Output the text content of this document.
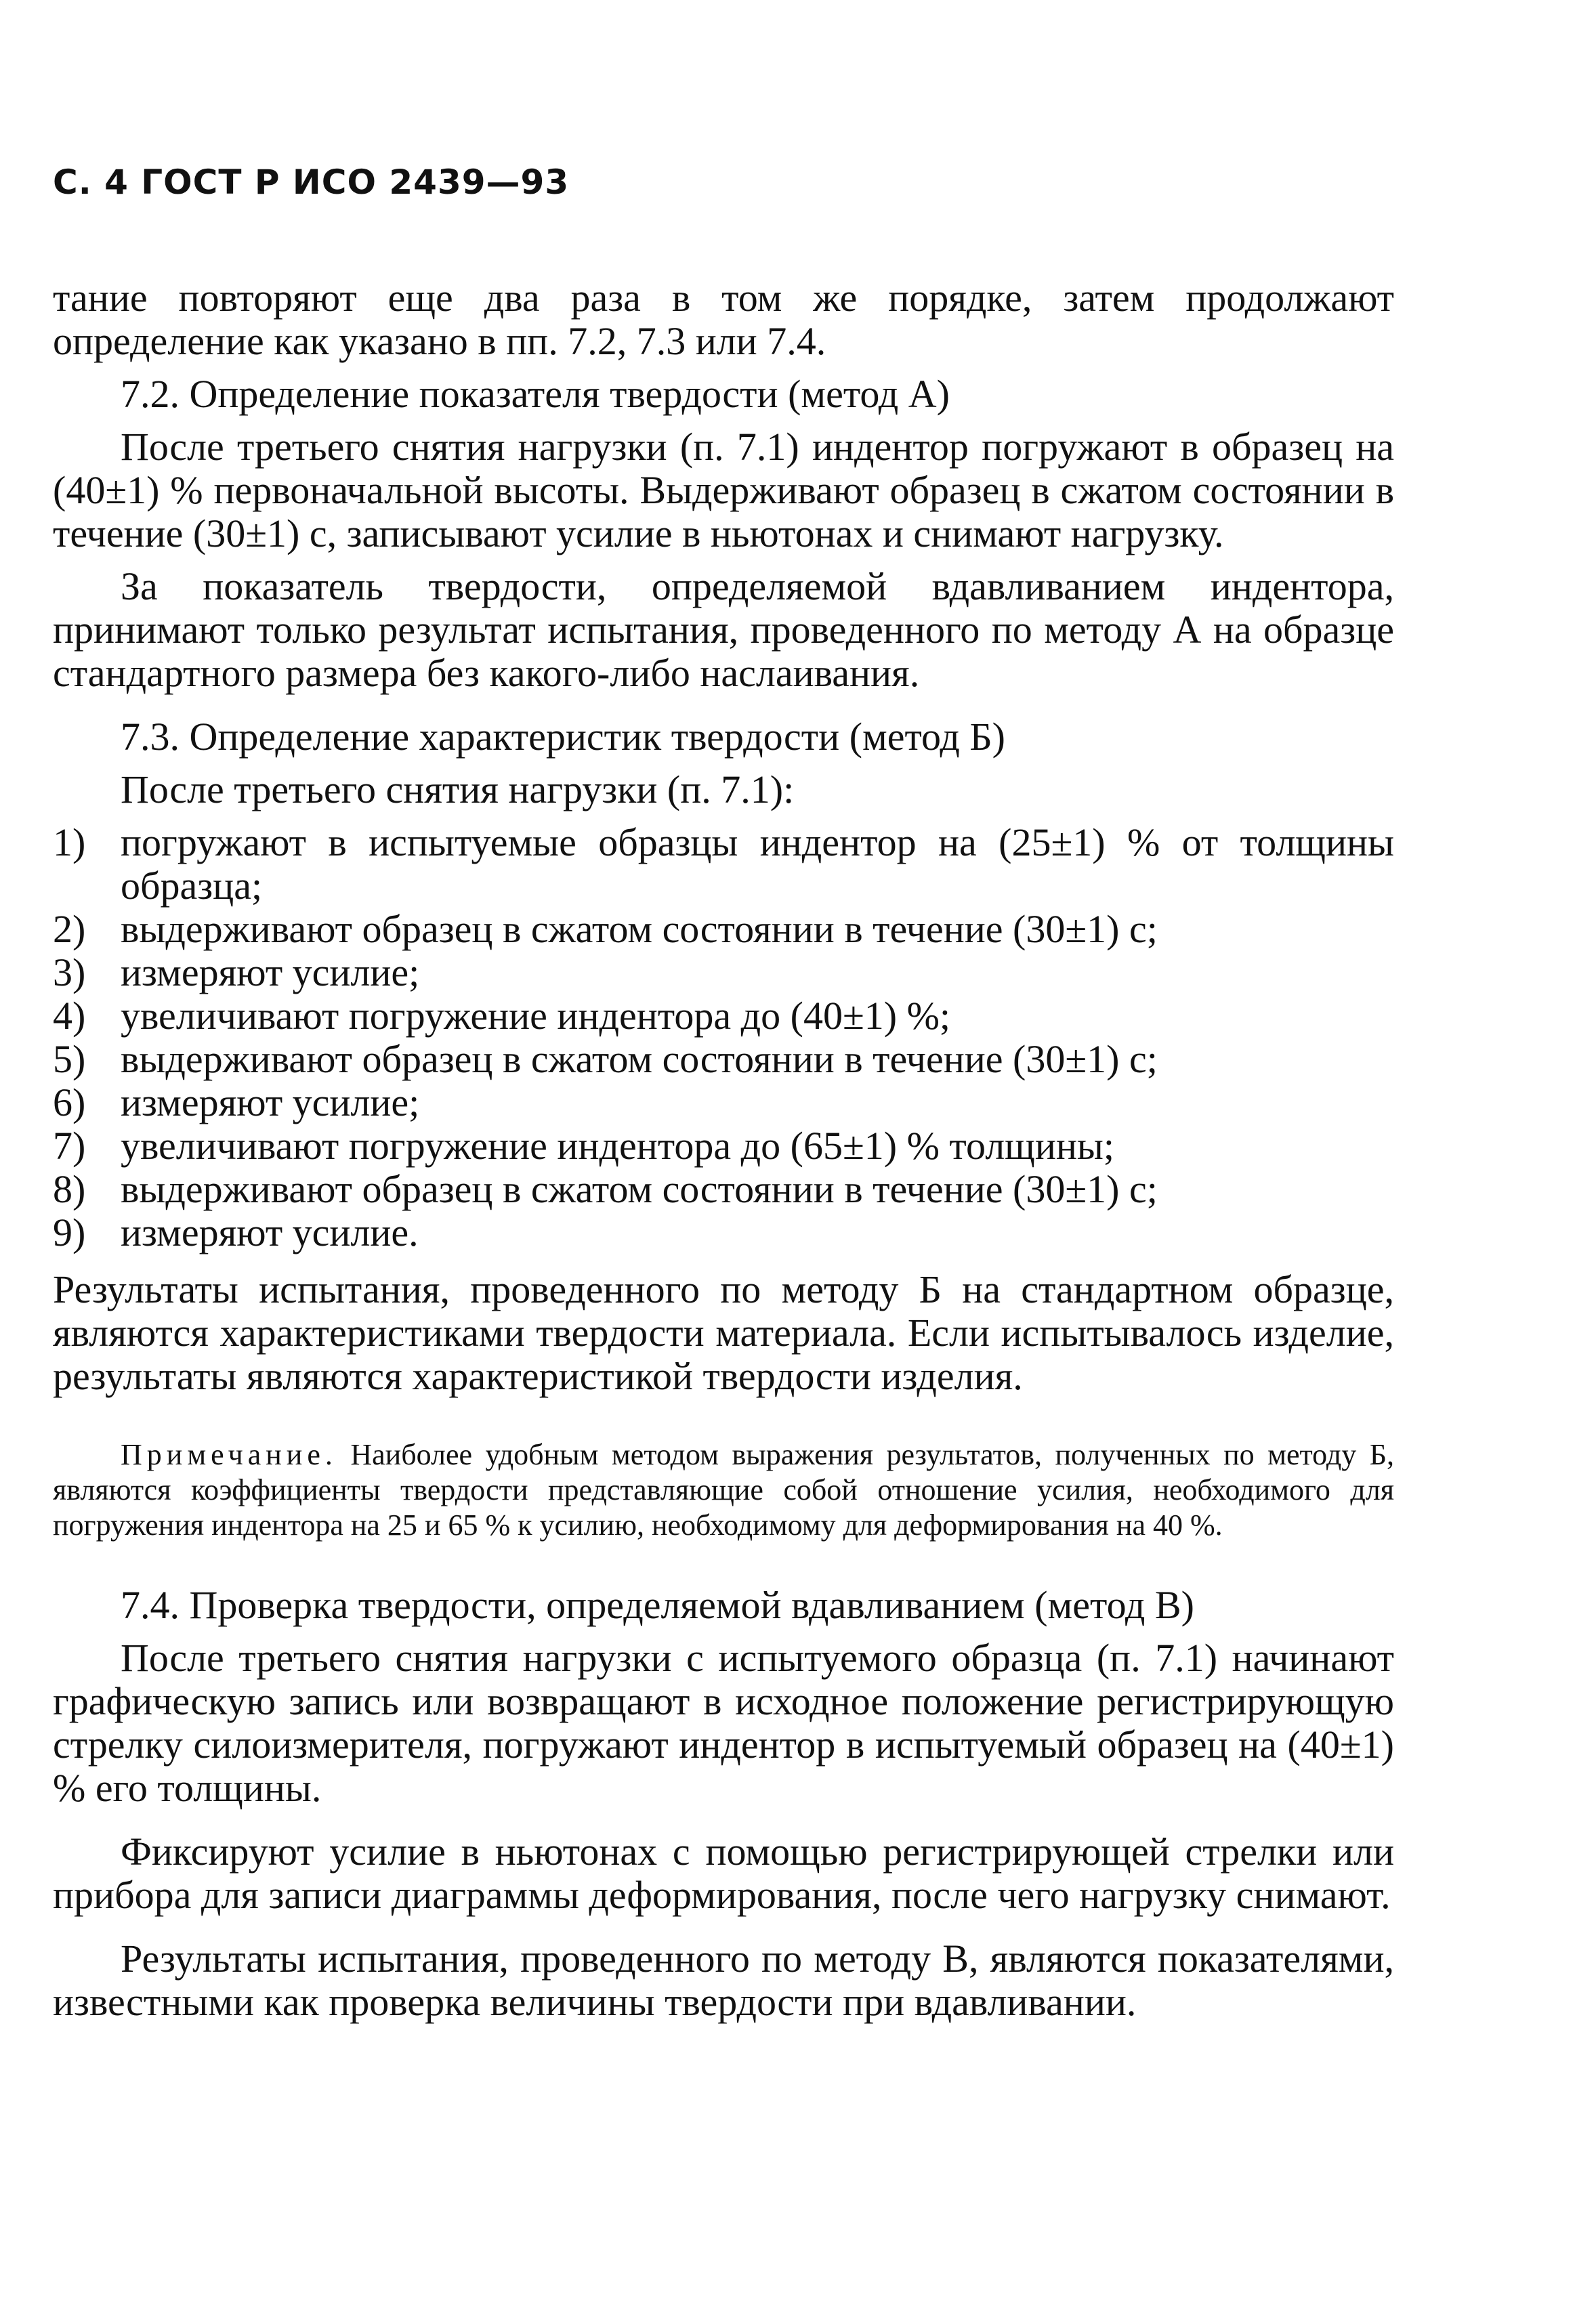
С. 4 ГОСТ Р ИСО 2439—93

тание повторяют еще два раза в том же порядке, затем продолжают определение как указано в пп. 7.2, 7.3 или 7.4.

7.2. Определение показателя твердости (метод А)

После третьего снятия нагрузки (п. 7.1) индентор погружают в образец на (40±1) % первоначальной высоты. Выдерживают образец в сжатом состоянии в течение (30±1) с, записывают усилие в ньютонах и снимают нагрузку.

За показатель твердости, определяемой вдавливанием индентора, принимают только результат испытания, проведенного по методу А на образце стандартного размера без какого-либо наслаивания.

7.3. Определение характеристик твердости (метод Б)

После третьего снятия нагрузки (п. 7.1):

1) погружают в испытуемые образцы индентор на (25±1) % от толщины образца;
2) выдерживают образец в сжатом состоянии в течение (30±1) с;
3) измеряют усилие;
4) увеличивают погружение индентора до (40±1) %;
5) выдерживают образец в сжатом состоянии в течение (30±1) с;
6) измеряют усилие;
7) увеличивают погружение индентора до (65±1) % толщины;
8) выдерживают образец в сжатом состоянии в течение (30±1) с;
9) измеряют усилие.

Результаты испытания, проведенного по методу Б на стандартном образце, являются характеристиками твердости материала. Если испытывалось изделие, результаты являются характеристикой твердости изделия.

Примечание. Наиболее удобным методом выражения результатов, полученных по методу Б, являются коэффициенты твердости представляющие собой отношение усилия, необходимого для погружения индентора на 25 и 65 % к усилию, необходимому для деформирования на 40 %.

7.4. Проверка твердости, определяемой вдавливанием (метод В)

После третьего снятия нагрузки с испытуемого образца (п. 7.1) начинают графическую запись или возвращают в исходное положение регистрирующую стрелку силоизмерителя, погружают индентор в испытуемый образец на (40±1) % его толщины.

Фиксируют усилие в ньютонах с помощью регистрирующей стрелки или прибора для записи диаграммы деформирования, после чего нагрузку снимают.

Результаты испытания, проведенного по методу В, являются показателями, известными как проверка величины твердости при вдавливании.
